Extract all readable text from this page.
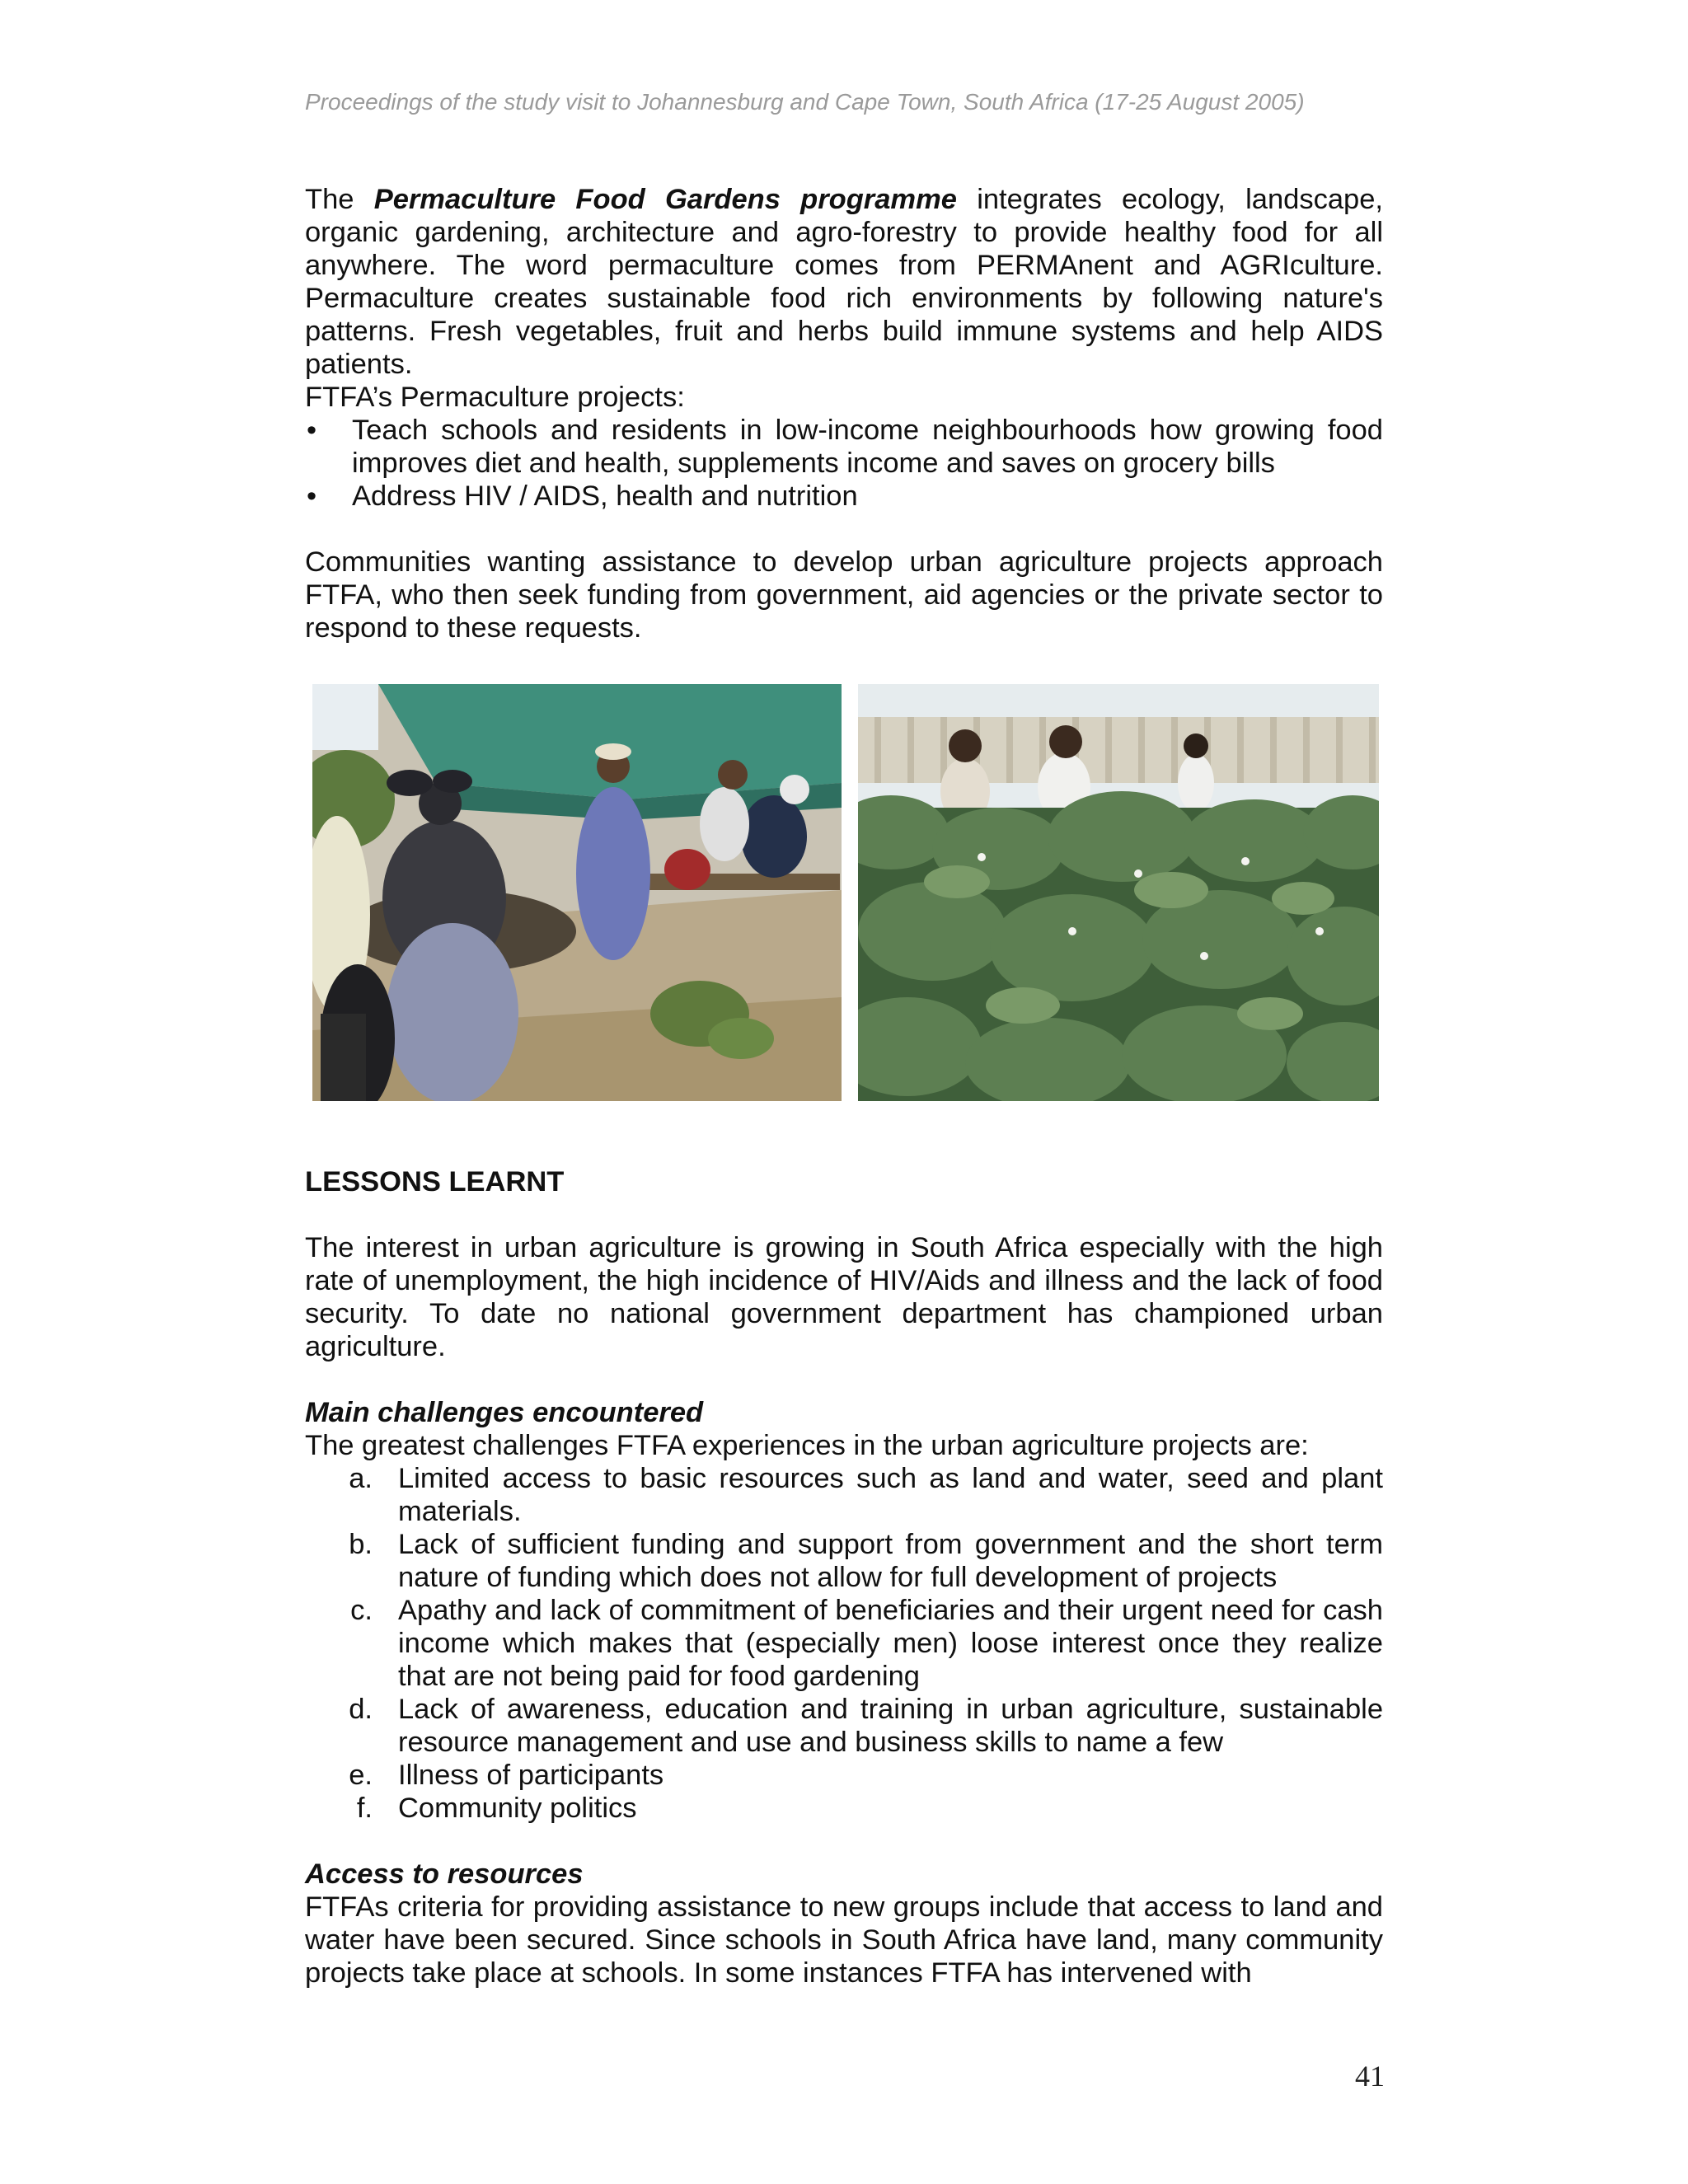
Proceedings of the study visit to Johannesburg and Cape Town, South Africa (17-25 August 2005)

The Permaculture Food Gardens programme integrates ecology, landscape, organic gardening, architecture and agro-forestry to provide healthy food for all anywhere. The word permaculture comes from PERMAnent and AGRIculture. Permaculture creates sustainable food rich environments by following nature's patterns. Fresh vegetables, fruit and herbs build immune systems and help AIDS patients.

FTFA’s Permaculture projects:

• Teach schools and residents in low-income neighbourhoods how growing food improves diet and health, supplements income and saves on grocery bills
• Address HIV / AIDS, health and nutrition

Communities wanting assistance to develop urban agriculture projects approach FTFA, who then seek funding from government, aid agencies or the private sector to respond to these requests.

LESSONS LEARNT

The interest in urban agriculture is growing in South Africa especially with the high rate of unemployment, the high incidence of HIV/Aids and illness and the lack of food security. To date no national government department has championed urban agriculture.

Main challenges encountered

The greatest challenges FTFA experiences in the urban agriculture projects are:

a. Limited access to basic resources such as land and water, seed and plant materials.
b. Lack of sufficient funding and support from government and the short term nature of funding which does not allow for full development of projects
c. Apathy and lack of commitment of beneficiaries and their urgent need for cash income which makes that (especially men) loose interest once they realize that are not being paid for food gardening
d. Lack of awareness, education and training in urban agriculture, sustainable resource management and use and business skills to name a few
e. Illness of participants
f. Community politics

Access to resources

FTFAs criteria for providing assistance to new groups include that access to land and water have been secured. Since schools in South Africa have land, many community projects take place at schools. In some instances FTFA has intervened with

41
